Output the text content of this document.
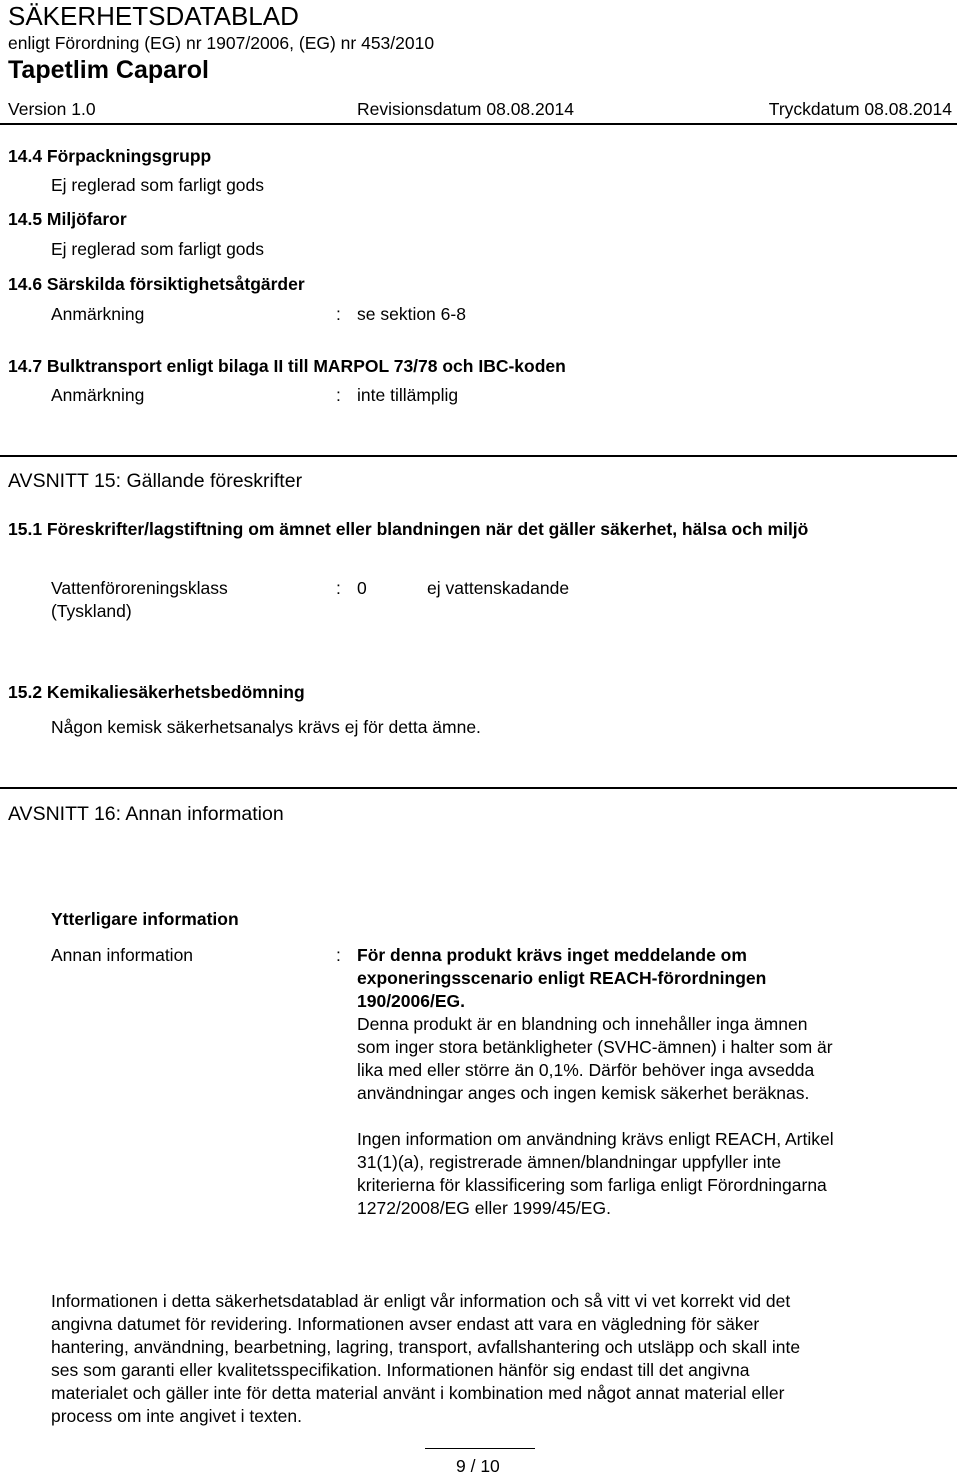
SÄKERHETSDATABLAD
enligt Förordning (EG) nr 1907/2006, (EG) nr 453/2010
Tapetlim Caparol
Version 1.0	Revisionsdatum 08.08.2014	Tryckdatum 08.08.2014
14.4 Förpackningsgrupp
Ej reglerad som farligt gods
14.5 Miljöfaror
Ej reglerad som farligt gods
14.6 Särskilda försiktighetsåtgärder
Anmärkning	: se sektion 6-8
14.7 Bulktransport enligt bilaga II till MARPOL 73/78 och IBC-koden
Anmärkning	: inte tillämplig
AVSNITT 15: Gällande föreskrifter
15.1 Föreskrifter/lagstiftning om ämnet eller blandningen när det gäller säkerhet, hälsa och miljö
Vattenföroreningsklass
(Tyskland)
: 0	ej vattenskadande
15.2 Kemikaliesäkerhetsbedömning
Någon kemisk säkerhetsanalys krävs ej för detta ämne.
AVSNITT 16: Annan information
Ytterligare information
Annan information	: För denna produkt krävs inget meddelande om
exponeringsscenario enligt REACH-förordningen
190/2006/EG.
Denna produkt är en blandning och innehåller inga ämnen
som inger stora betänkligheter (SVHC-ämnen) i halter som är
lika med eller större än 0,1%. Därför behöver inga avsedda
användningar anges och ingen kemisk säkerhet beräknas.
Ingen information om användning krävs enligt REACH, Artikel
31(1)(a), registrerade ämnen/blandningar uppfyller inte
kriterierna för klassificering som farliga enligt Förordningarna
1272/2008/EG eller 1999/45/EG.
Informationen i detta säkerhetsdatablad är enligt vår information och så vitt vi vet korrekt vid det
angivna datumet för revidering. Informationen avser endast att vara en vägledning för säker
hantering, användning, bearbetning, lagring, transport, avfallshantering och utsläpp och skall inte
ses som garanti eller kvalitetsspecifikation. Informationen hänför sig endast till det angivna
materialet och gäller inte för detta material använt i kombination med något annat material eller
process om inte angivet i texten.
9 / 10
